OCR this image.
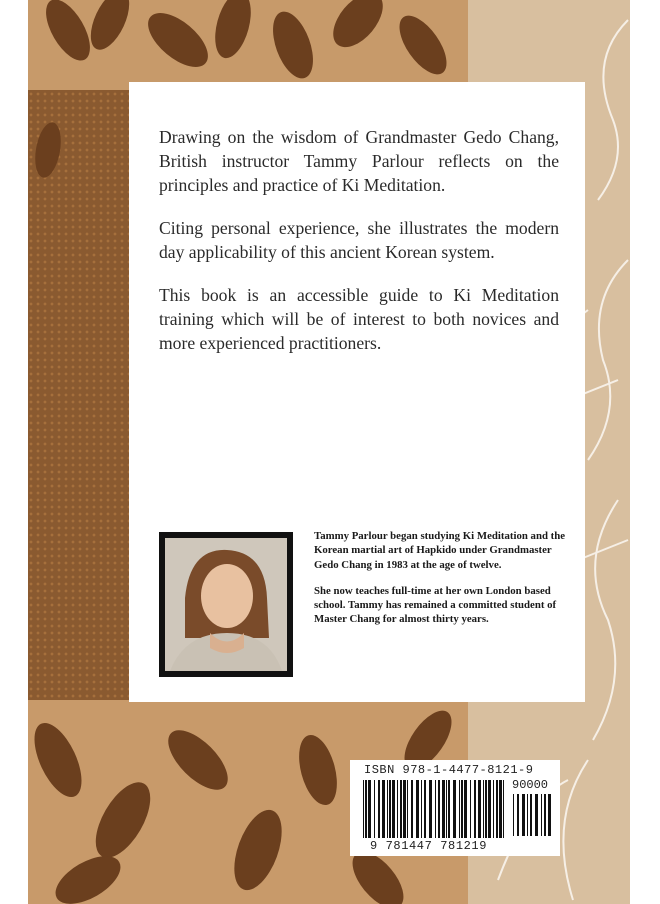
Drawing on the wisdom of Grandmaster Gedo Chang, British instructor Tammy Parlour reflects on the principles and practice of Ki Meditation.

Citing personal experience, she illustrates the modern day applicability of this ancient Korean system.

This book is an accessible guide to Ki Meditation training which will be of interest to both novices and more experienced practitioners.

Tammy Parlour began studying Ki Meditation and the Korean martial art of Hapkido under Grandmaster Gedo Chang in 1983 at the age of twelve.

She now teaches full-time at her own London based school. Tammy has remained a committed student of Master Chang for almost thirty years.

ISBN 978-1-4477-8121-9
90000
9 781447 781219
